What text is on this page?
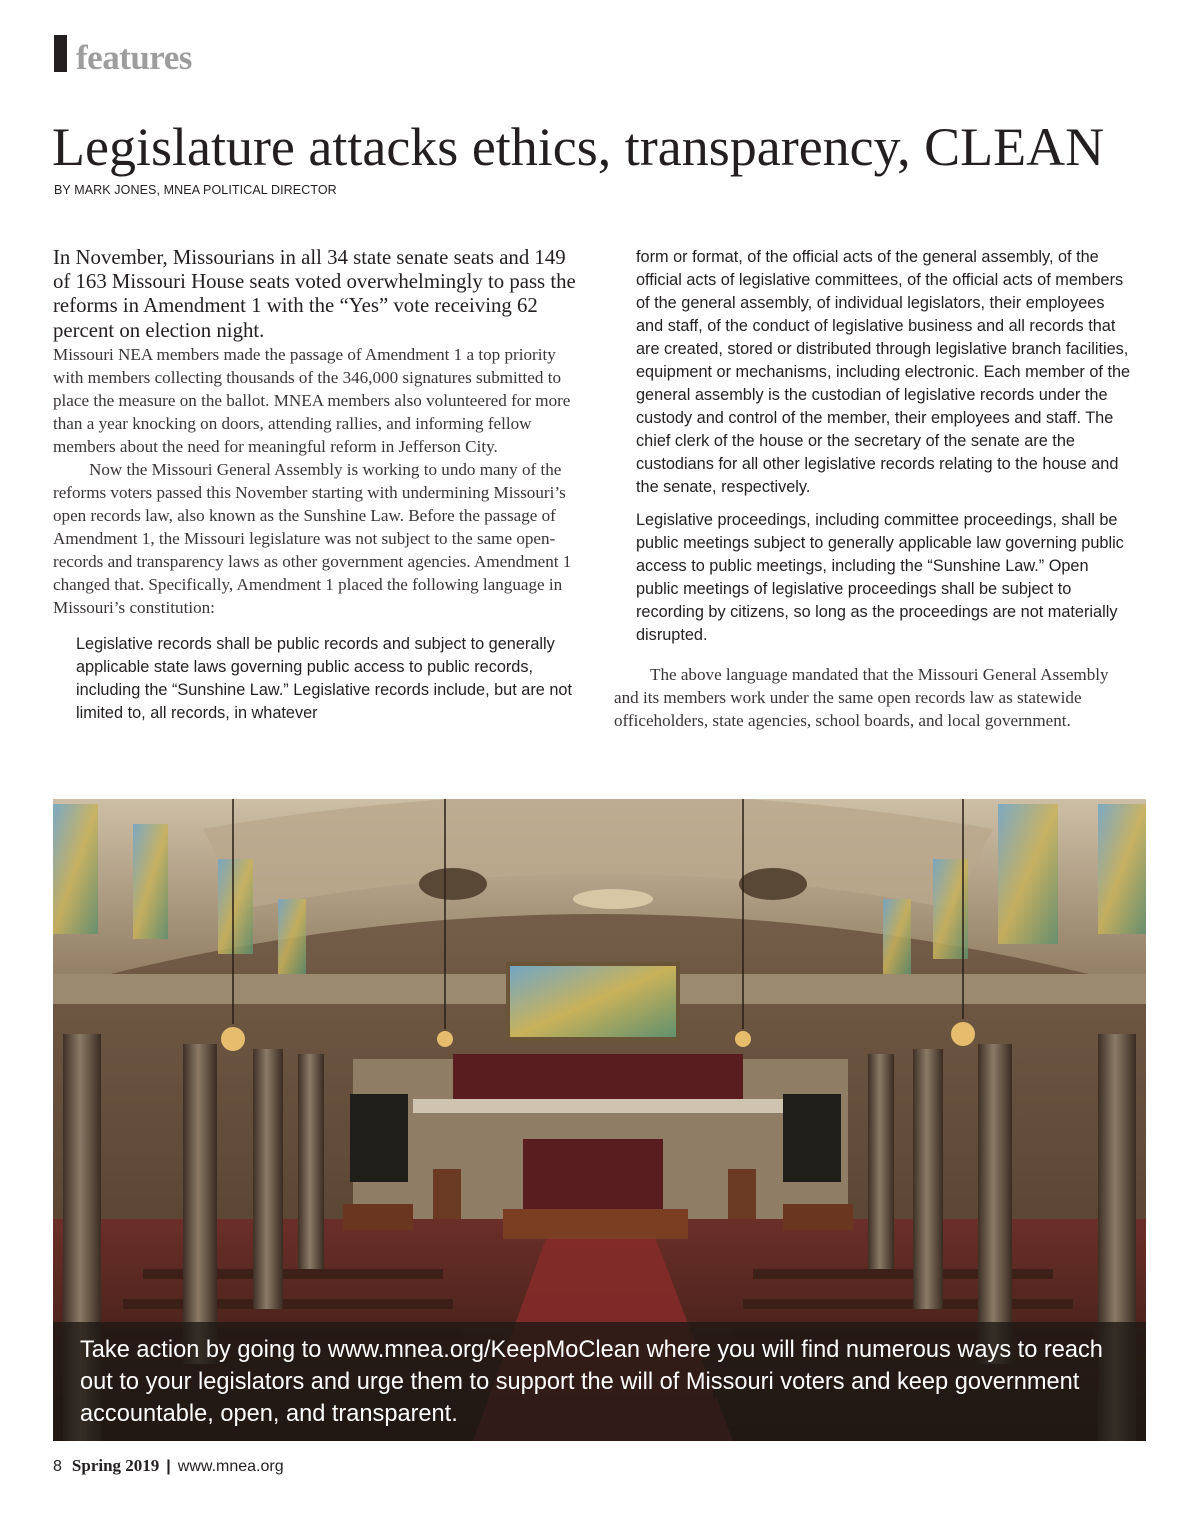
features
Legislature attacks ethics, transparency, CLEAN
BY MARK JONES, MNEA POLITICAL DIRECTOR

In November, Missourians in all 34 state senate seats and 149 of 163 Missouri House seats voted overwhelmingly to pass the reforms in Amendment 1 with the “Yes” vote receiving 62 percent on election night.

Missouri NEA members made the passage of Amendment 1 a top priority with members collecting thousands of the 346,000 signatures submitted to place the measure on the ballot. MNEA members also volunteered for more than a year knocking on doors, attending rallies, and informing fellow members about the need for meaningful reform in Jefferson City.

Now the Missouri General Assembly is working to undo many of the reforms voters passed this November starting with undermining Missouri’s open records law, also known as the Sunshine Law. Before the passage of Amendment 1, the Missouri legislature was not subject to the same open-records and transparency laws as other government agencies. Amendment 1 changed that. Specifically, Amendment 1 placed the following language in Missouri’s constitution:

Legislative records shall be public records and subject to generally applicable state laws governing public access to public records, including the “Sunshine Law.” Legislative records include, but are not limited to, all records, in whatever

form or format, of the official acts of the general assembly, of the official acts of legislative committees, of the official acts of members of the general assembly, of individual legislators, their employees and staff, of the conduct of legislative business and all records that are created, stored or distributed through legislative branch facilities, equipment or mechanisms, including electronic. Each member of the general assembly is the custodian of legislative records under the custody and control of the member, their employees and staff. The chief clerk of the house or the secretary of the senate are the custodians for all other legislative records relating to the house and the senate, respectively.

Legislative proceedings, including committee proceedings, shall be public meetings subject to generally applicable law governing public access to public meetings, including the “Sunshine Law.” Open public meetings of legislative proceedings shall be subject to recording by citizens, so long as the proceedings are not materially disrupted.

The above language mandated that the Missouri General Assembly and its members work under the same open records law as statewide officeholders, state agencies, school boards, and local government.

Take action by going to www.mnea.org/KeepMoClean where you will find numerous ways to reach out to your legislators and urge them to support the will of Missouri voters and keep government accountable, open, and transparent.

8 Spring 2019 | www.mnea.org
